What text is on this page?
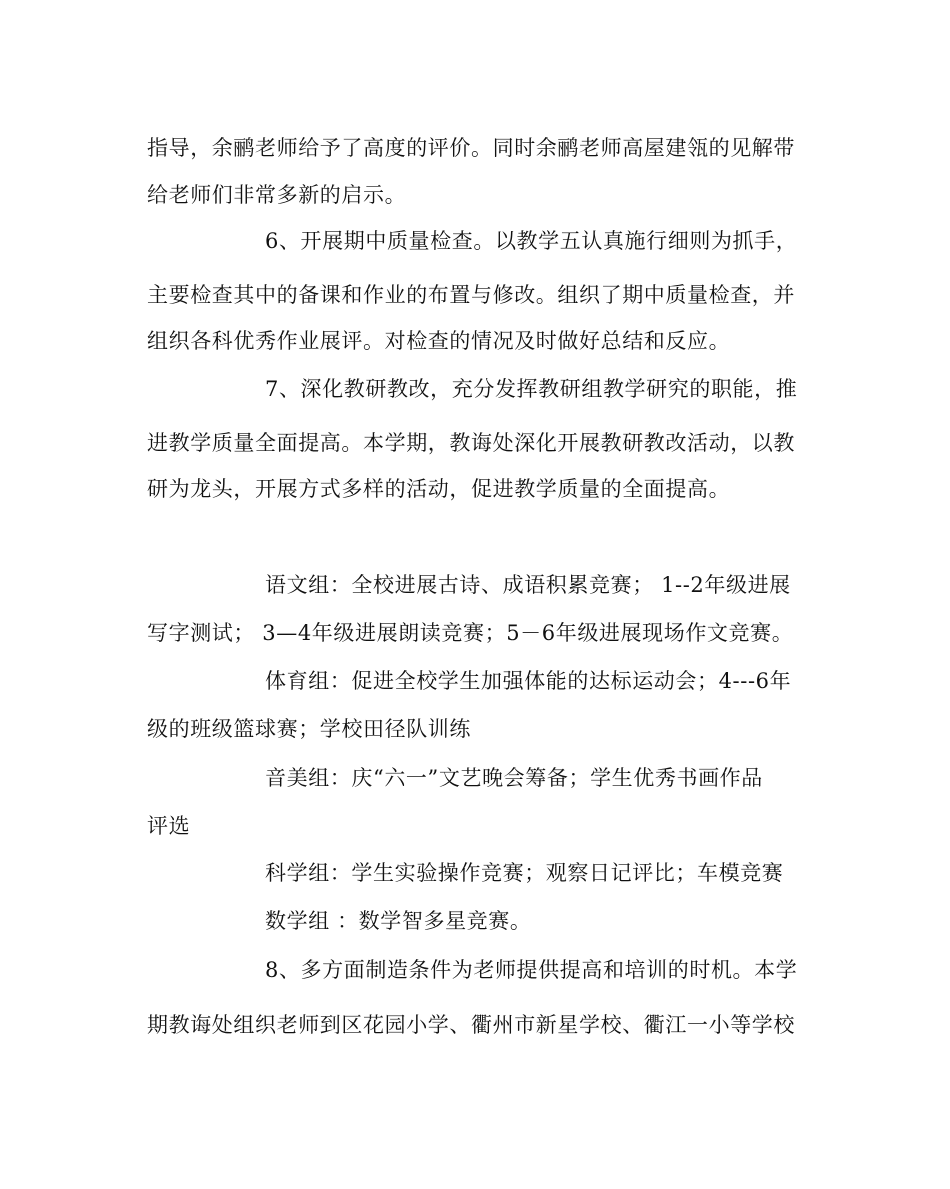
指导，余鹂老师给予了高度的评价。同时余鹂老师高屋建瓴的见解带
给老师们非常多新的启示。
6、开展期中质量检查。以教学五认真施行细则为抓手，
主要检查其中的备课和作业的布置与修改。组织了期中质量检查，并
组织各科优秀作业展评。对检查的情况及时做好总结和反应。
7、深化教研教改，充分发挥教研组教学研究的职能，推
进教学质量全面提高。本学期，教诲处深化开展教研教改活动，以教
研为龙头，开展方式多样的活动，促进教学质量的全面提高。
语文组：全校进展古诗、成语积累竞赛； 1--2年级进展
写字测试； 3—4年级进展朗读竞赛；5－6年级进展现场作文竞赛。
体育组：促进全校学生加强体能的达标运动会；4---6年
级的班级篮球赛；学校田径队训练
音美组：庆“六一”文艺晚会筹备；学生优秀书画作品
评选
科学组：学生实验操作竞赛；观察日记评比；车模竞赛
数学组 ：数学智多星竞赛。
8、多方面制造条件为老师提供提高和培训的时机。本学
期教诲处组织老师到区花园小学、衢州市新星学校、衢江一小等学校
